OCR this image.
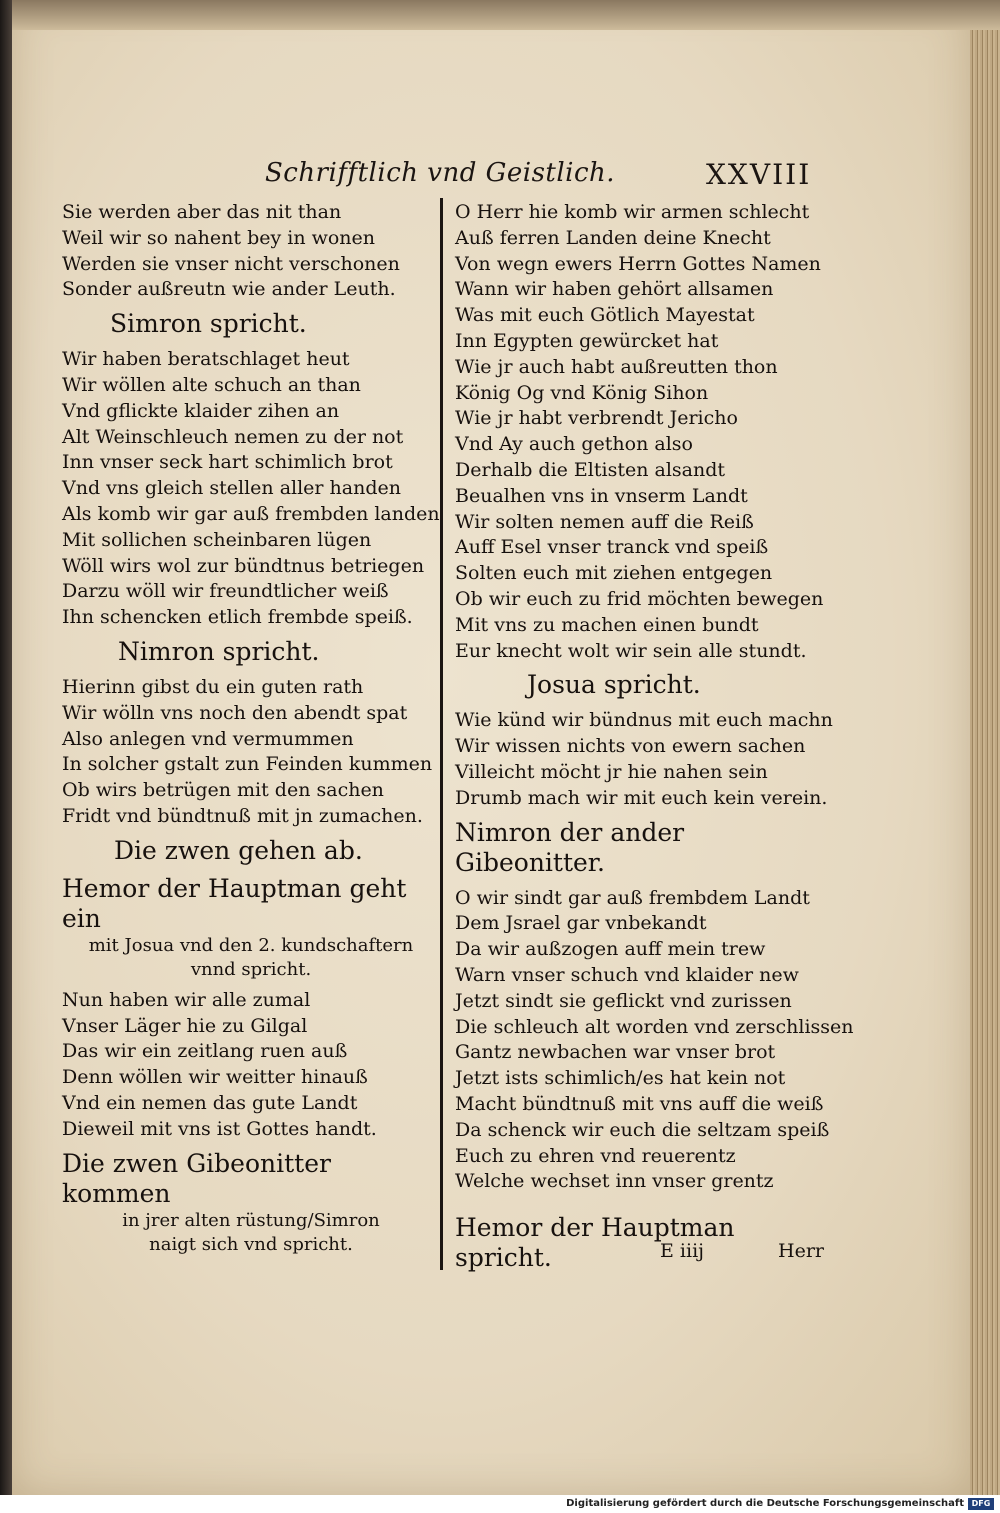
Schrifftlich vnd Geistlich.	XXVIII
Sie werden aber das nit than
Weil wir so nahent bey in wonen
Werden sie vnser nicht verschonen
Sonder außreutn wie ander Leuth.
Simron spricht.
Wir haben beratschlaget heut
Wir wöllen alte schuch an than
Vnd gflickte klaider zihen an
Alt Weinschleuch nemen zu der not
Inn vnser seck hart schimlich brot
Vnd vns gleich stellen aller handen
Als komb wir gar auß frembden landen
Mit sollichen scheinbaren lügen
Wöll wirs wol zur bündtnus betriegen
Darzu wöll wir freundtlicher weiß
Ihn schencken etlich frembde speiß.
Nimron spricht.
Hierinn gibst du ein guten rath
Wir wölln vns noch den abendt spat
Also anlegen vnd vermummen
In solcher gstalt zun Feinden kummen
Ob wirs betrügen mit den sachen
Fridt vnd bündtnuß mit jn zumachen.
Die zwen gehen ab.
Hemor der Hauptman geht ein
mit Josua vnd den 2. kundschaftern
vnnd spricht.
Nun haben wir alle zumal
Vnser Läger hie zu Gilgal
Das wir ein zeitlang ruen auß
Denn wöllen wir weitter hinauß
Vnd ein nemen das gute Landt
Dieweil mit vns ist Gottes handt.
Die zwen Gibeonitter kommen
in jrer alten rüstung/Simron
naigt sich vnd spricht.
O Herr hie komb wir armen schlecht
Auß ferren Landen deine Knecht
Von wegn ewers Herrn Gottes Namen
Wann wir haben gehört allsamen
Was mit euch Götlich Mayestat
Inn Egypten gewürcket hat
Wie jr auch habt außreutten thon
König Og vnd König Sihon
Wie jr habt verbrendt Jericho
Vnd Ay auch gethon also
Derhalb die Eltisten alsandt
Beualhen vns in vnserm Landt
Wir solten nemen auff die Reiß
Auff Esel vnser tranck vnd speiß
Solten euch mit ziehen entgegen
Ob wir euch zu frid möchten bewegen
Mit vns zu machen einen bundt
Eur knecht wolt wir sein alle stundt.
Josua spricht.
Wie künd wir bündnus mit euch machn
Wir wissen nichts von ewern sachen
Villeicht möcht jr hie nahen sein
Drumb mach wir mit euch kein verein.
Nimron der ander Gibeonitter.
O wir sindt gar auß frembdem Landt
Dem Jsrael gar vnbekandt
Da wir außzogen auff mein trew
Warn vnser schuch vnd klaider new
Jetzt sindt sie geflickt vnd zurissen
Die schleuch alt worden vnd zerschlissen
Gantz newbachen war vnser brot
Jetzt ists schimlich/es hat kein not
Macht bündtnuß mit vns auff die weiß
Da schenck wir euch die seltzam speiß
Euch zu ehren vnd reuerentz
Welche wechset inn vnser grentz
Hemor der Hauptman spricht.	E iiij	Herr
Digitalisierung gefördert durch die Deutsche Forschungsgemeinschaft DFG
